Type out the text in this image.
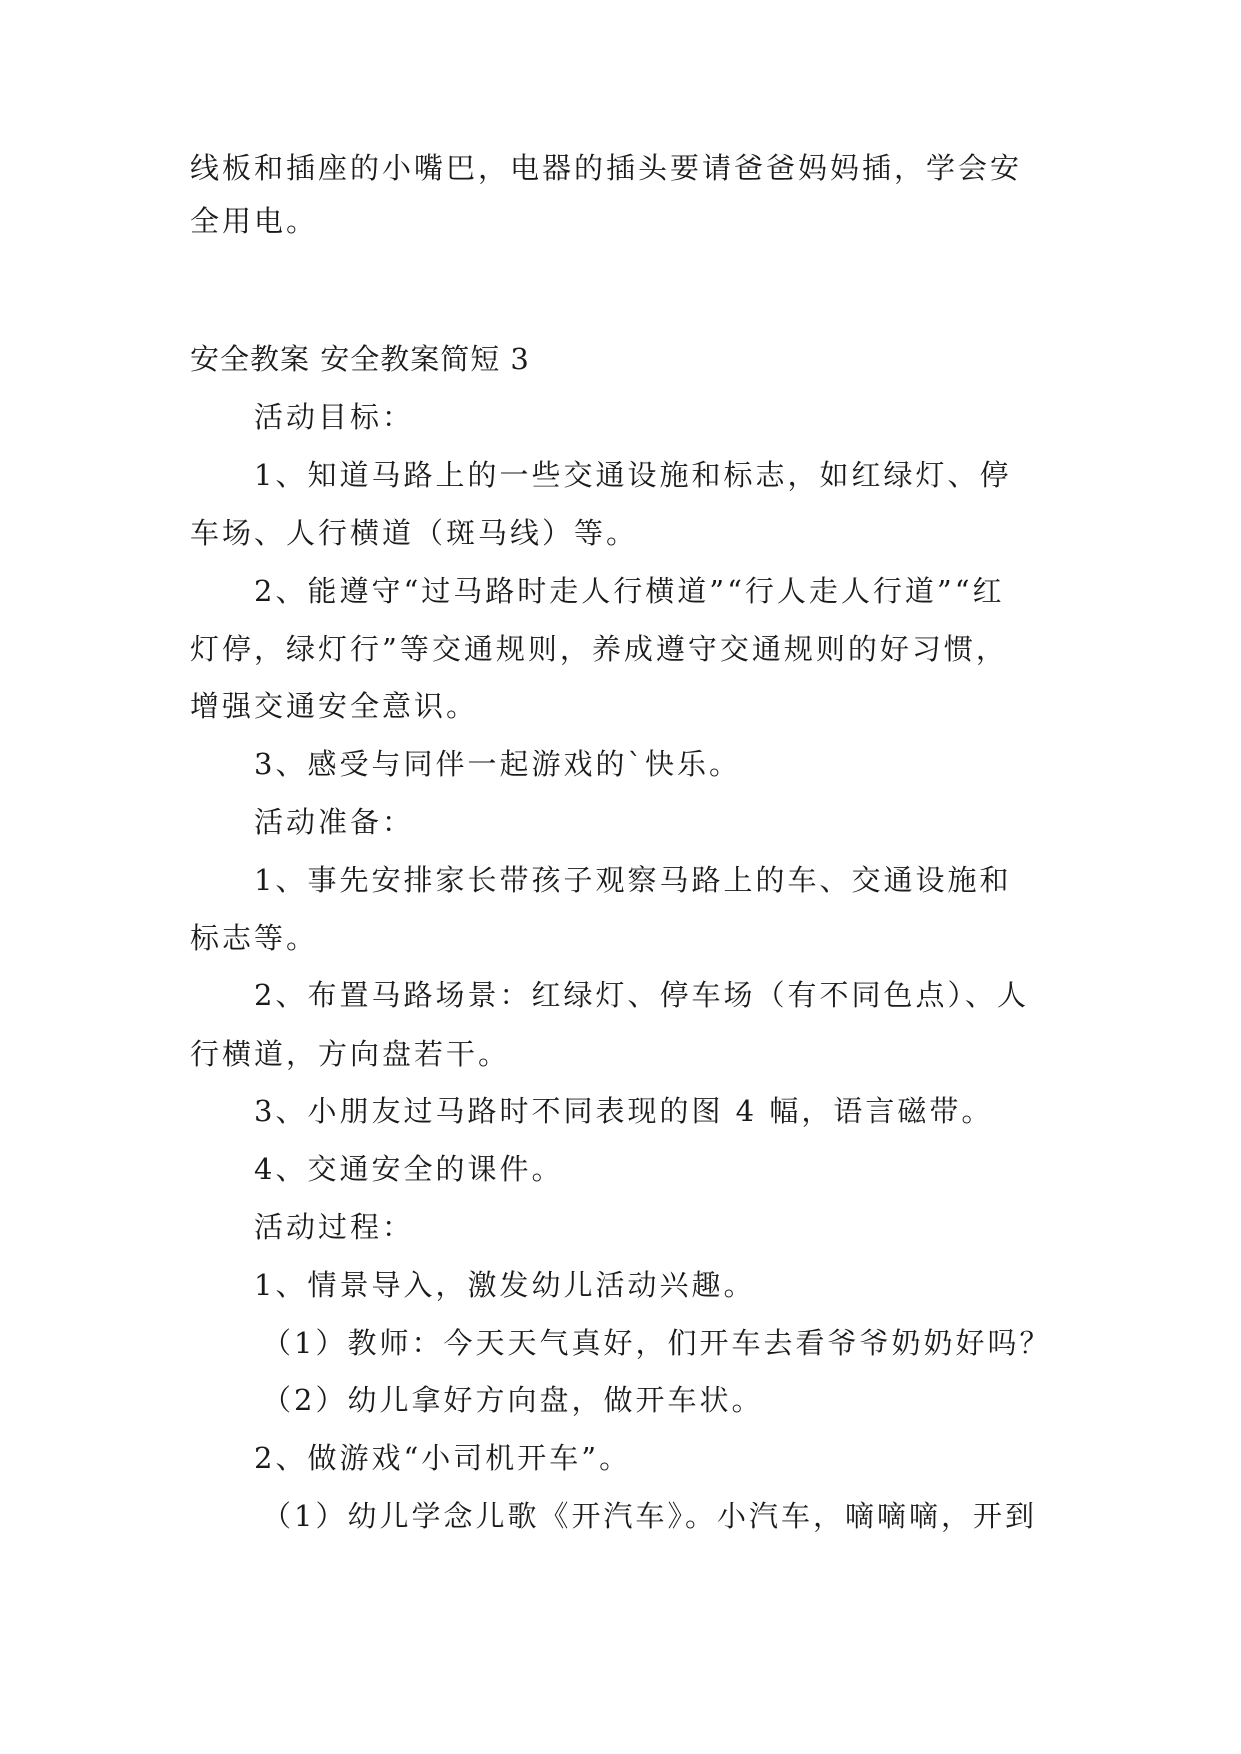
线板和插座的小嘴巴，电器的插头要请爸爸妈妈插，学会安
全用电。
安全教案 安全教案简短 3
活动目标：
1、知道马路上的一些交通设施和标志，如红绿灯、停
车场、人行横道（斑马线）等。
2、能遵守“过马路时走人行横道”“行人走人行道”“红
灯停，绿灯行”等交通规则，养成遵守交通规则的好习惯，
增强交通安全意识。
3、感受与同伴一起游戏的`快乐。
活动准备：
1、事先安排家长带孩子观察马路上的车、交通设施和
标志等。
2、布置马路场景：红绿灯、停车场（有不同色点）、人
行横道，方向盘若干。
3、小朋友过马路时不同表现的图 4 幅，语言磁带。
4、交通安全的课件。
活动过程：
1、情景导入，激发幼儿活动兴趣。
（1）教师：今天天气真好，们开车去看爷爷奶奶好吗？
（2）幼儿拿好方向盘，做开车状。
2、做游戏“小司机开车”。
（1）幼儿学念儿歌《开汽车》。小汽车，嘀嘀嘀，开到
